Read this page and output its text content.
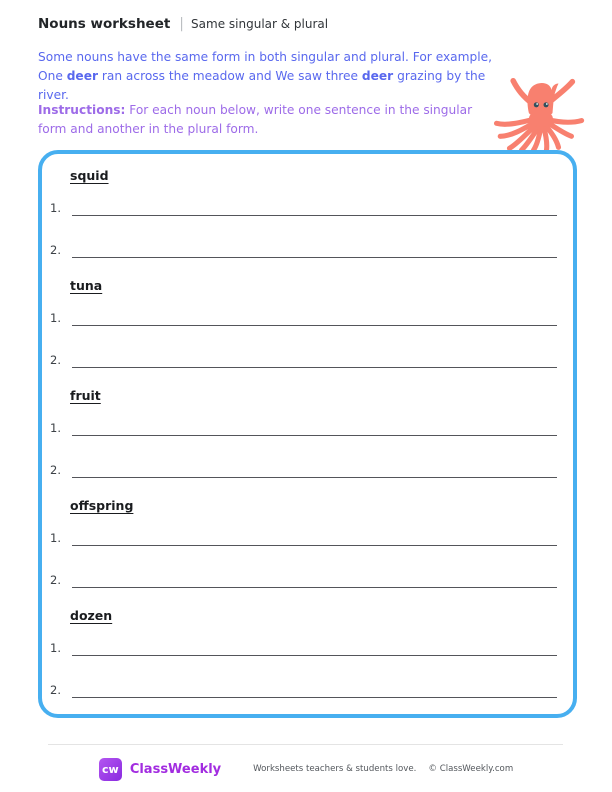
Nouns worksheet | Same singular & plural

Some nouns have the same form in both singular and plural. For example, One deer ran across the meadow and We saw three deer grazing by the river.

Instructions: For each noun below, write one sentence in the singular form and another in the plural form.

squid
1.
2.
tuna
1.
2.
fruit
1.
2.
offspring
1.
2.
dozen
1.
2.
cw ClassWeekly	Worksheets teachers & students love. © ClassWeekly.com
